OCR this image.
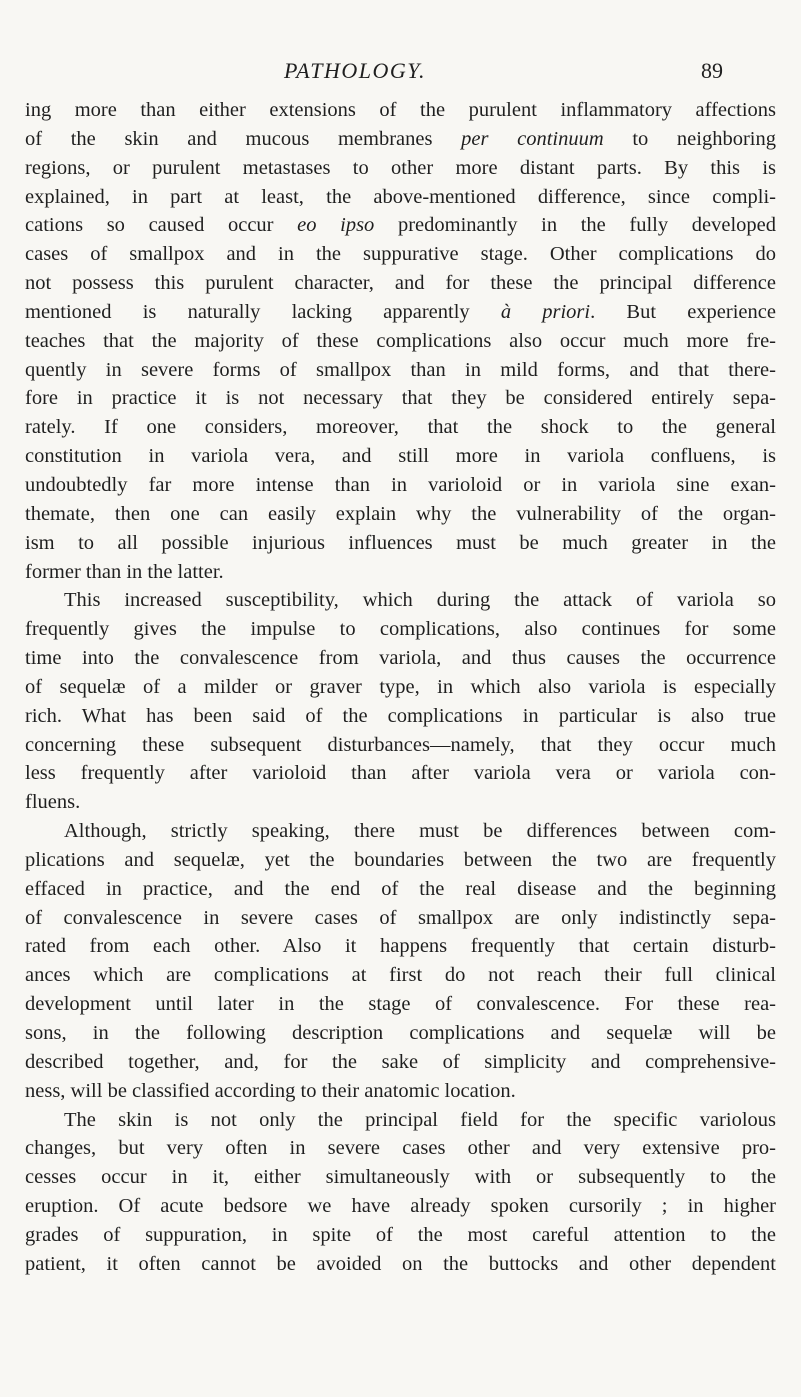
PATHOLOGY.	89
ing more than either extensions of the purulent inflammatory affections
of the skin and mucous membranes per continuum to neighboring
regions, or purulent metastases to other more distant parts. By this is
explained, in part at least, the above-mentioned difference, since compli-
cations so caused occur eo ipso predominantly in the fully developed
cases of smallpox and in the suppurative stage. Other complications do
not possess this purulent character, and for these the principal difference
mentioned is naturally lacking apparently à priori. But experience
teaches that the majority of these complications also occur much more fre-
quently in severe forms of smallpox than in mild forms, and that there-
fore in practice it is not necessary that they be considered entirely sepa-
rately. If one considers, moreover, that the shock to the general
constitution in variola vera, and still more in variola confluens, is
undoubtedly far more intense than in varioloid or in variola sine exan-
themate, then one can easily explain why the vulnerability of the organ-
ism to all possible injurious influences must be much greater in the
former than in the latter.
This increased susceptibility, which during the attack of variola so
frequently gives the impulse to complications, also continues for some
time into the convalescence from variola, and thus causes the occurrence
of sequelæ of a milder or graver type, in which also variola is especially
rich. What has been said of the complications in particular is also true
concerning these subsequent disturbances—namely, that they occur much
less frequently after varioloid than after variola vera or variola con-
fluens.
Although, strictly speaking, there must be differences between com-
plications and sequelæ, yet the boundaries between the two are frequently
effaced in practice, and the end of the real disease and the beginning
of convalescence in severe cases of smallpox are only indistinctly sepa-
rated from each other. Also it happens frequently that certain disturb-
ances which are complications at first do not reach their full clinical
development until later in the stage of convalescence. For these rea-
sons, in the following description complications and sequelæ will be
described together, and, for the sake of simplicity and comprehensive-
ness, will be classified according to their anatomic location.
The skin is not only the principal field for the specific variolous
changes, but very often in severe cases other and very extensive pro-
cesses occur in it, either simultaneously with or subsequently to the
eruption. Of acute bedsore we have already spoken cursorily ; in higher
grades of suppuration, in spite of the most careful attention to the
patient, it often cannot be avoided on the buttocks and other dependent
